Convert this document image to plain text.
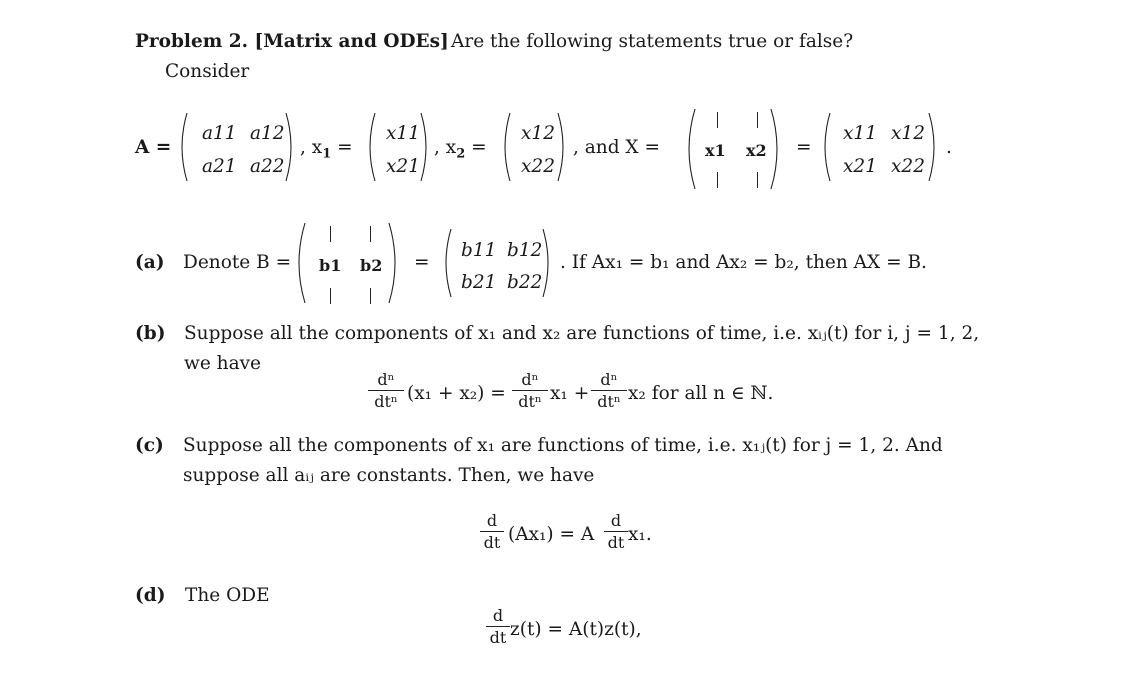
Problem 2. [Matrix and ODEs] Are the following statements true or false?
Consider
A =
a11 a12
a21 a22
, $x_1$ =
x11
x21
, $x_2$ =
x12
x22
, and X =	x1 x2 =
x11 x12
x21 x22
.
(a) Denote B = b1 b2 =
b11 b12
b21 b22
. If Ax₁ = b₁ and Ax₂ = b₂, then AX = B.
(b) Suppose all the components of x₁ and x₂ are functions of time, i.e. xᵢⱼ(t) for i, j = 1, 2,
we have
dⁿ
dtⁿ (x₁ + x₂) =
dⁿ
dtⁿ x₁ +
dⁿ
dtⁿ x₂ for all n ∈ ℕ.
(c) Suppose all the components of x₁ are functions of time, i.e. x₁ⱼ(t) for j = 1, 2. And
suppose all aᵢⱼ are constants. Then, we have
d
dt (Ax₁) = A
d
dt x₁.
(d) The ODE
d
dt z(t) = A(t)z(t),
